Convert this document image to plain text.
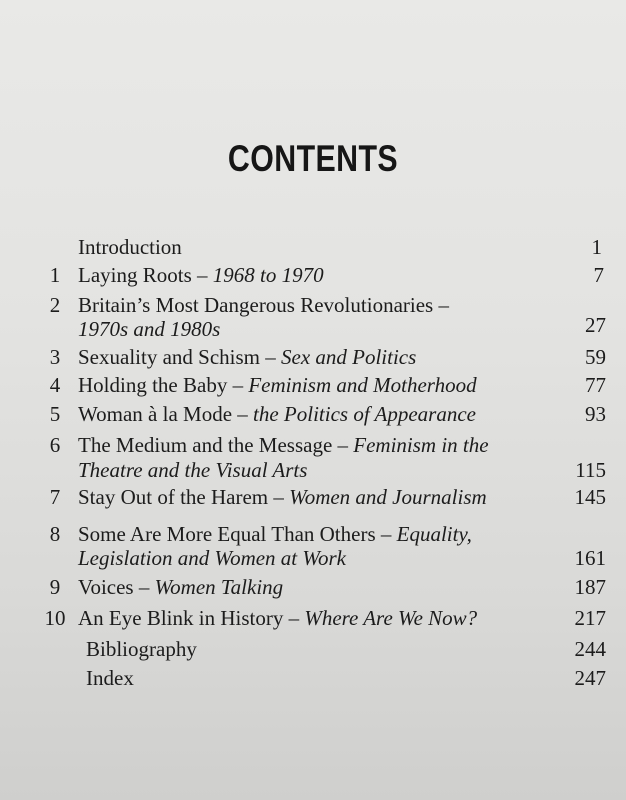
CONTENTS
Introduction	1
1 Laying Roots – 1968 to 1970	7
2 Britain’s Most Dangerous Revolutionaries –
1970s and 1980s	27
3 Sexuality and Schism – Sex and Politics	59
4 Holding the Baby – Feminism and Motherhood	77
5 Woman à la Mode – the Politics of Appearance	93
6 The Medium and the Message – Feminism in the
Theatre and the Visual Arts	115
7 Stay Out of the Harem – Women and Journalism	145
8 Some Are More Equal Than Others – Equality,
Legislation and Women at Work	161
9 Voices – Women Talking	187
10 An Eye Blink in History – Where Are We Now?	217
Bibliography	244
Index	247
